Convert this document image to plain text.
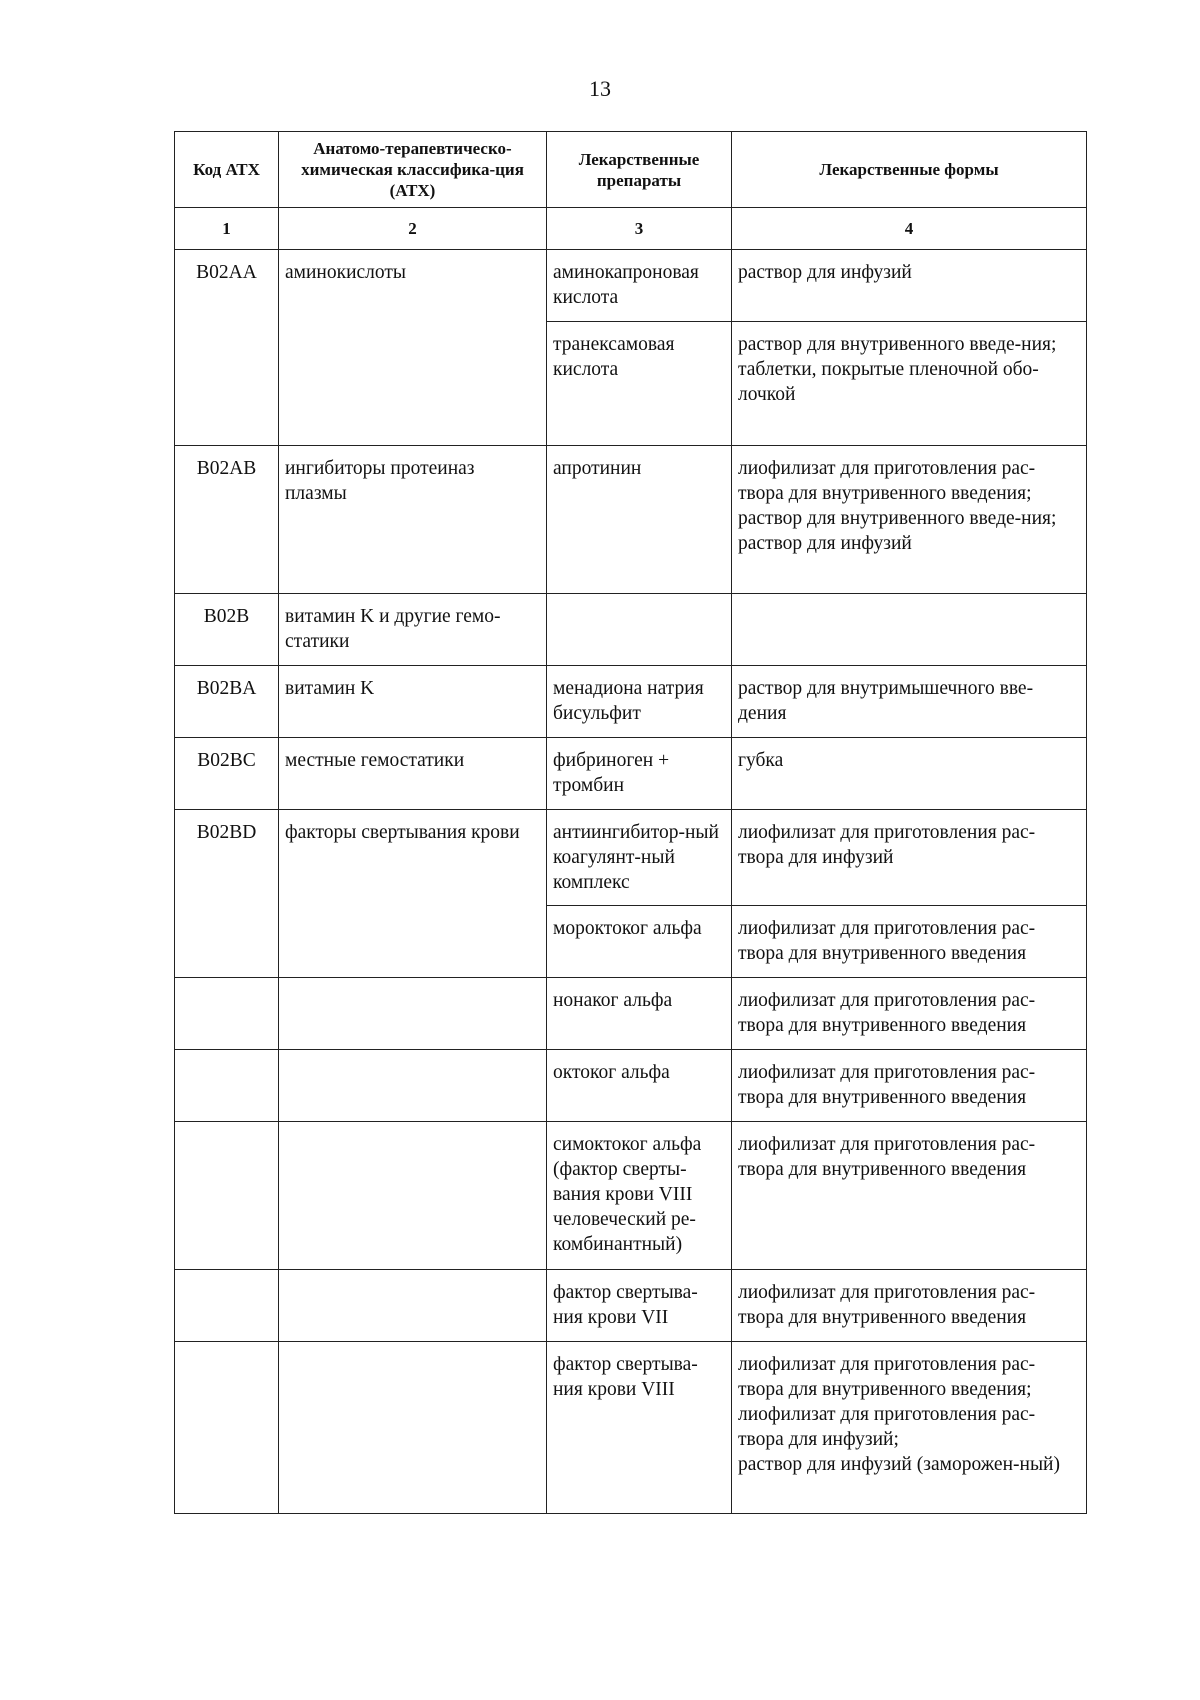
13
Код АТХ	Анатомо-терапевтическо-химическая классифика-ция (АТХ)	Лекарственные препараты	Лекарственные формы
1	2	3	4
B02AA	аминокислоты	аминокапроновая кислота	раствор для инфузий

		транексамовая кислота	раствор для внутривенного введе-ния;
таблетки, покрытые пленочной обо-лочкой

B02AB	ингибиторы протеиназ плазмы	апротинин	лиофилизат для приготовления рас-твора для внутривенного введения;
раствор для внутривенного введе-ния;
раствор для инфузий

B02B	витамин K и другие гемо-статики		
B02BA	витамин K	менадиона натрия бисульфит	раствор для внутримышечного вве-дения

B02BC	местные гемостатики	фибриноген + тромбин	губка

B02BD	факторы свертывания крови	антиингибитор-ный коагулянт-ный комплекс	лиофилизат для приготовления рас-твора для инфузий

		мороктоког альфа	лиофилизат для приготовления рас-твора для внутривенного введения

		нонаког альфа	лиофилизат для приготовления рас-твора для внутривенного введения

		октоког альфа	лиофилизат для приготовления рас-твора для внутривенного введения

		симоктоког альфа (фактор сверты-вания крови VIII человеческий ре-комбинантный)	лиофилизат для приготовления рас-твора для внутривенного введения

		фактор свертыва-ния крови VII	лиофилизат для приготовления рас-твора для внутривенного введения

		фактор свертыва-ния крови VIII	лиофилизат для приготовления рас-твора для внутривенного введения;
лиофилизат для приготовления рас-твора для инфузий;
раствор для инфузий (заморожен-ный)
